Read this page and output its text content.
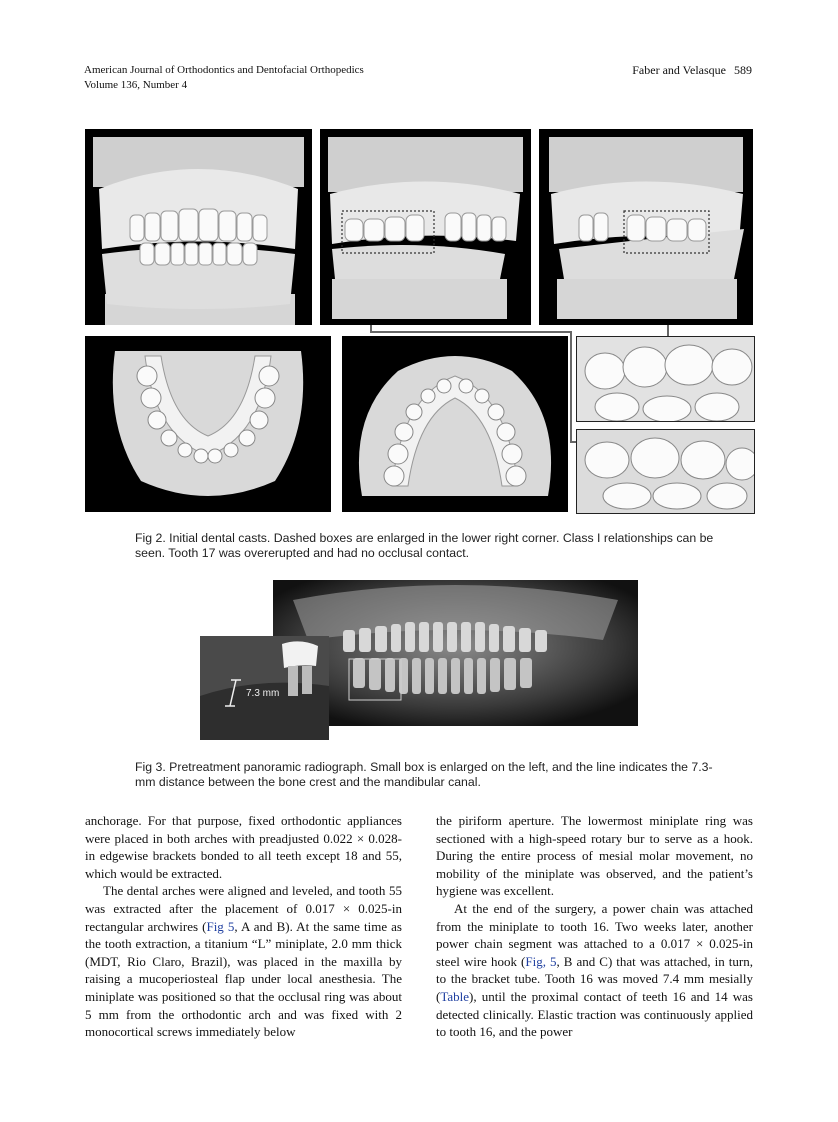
American Journal of Orthodontics and Dentofacial Orthopedics
Volume 136, Number 4
Faber and Velasque 589
Fig 2. Initial dental casts. Dashed boxes are enlarged in the lower right corner. Class I relationships can be seen. Tooth 17 was overerupted and had no occlusal contact.
7.3 mm
Fig 3. Pretreatment panoramic radiograph. Small box is enlarged on the left, and the line indicates the 7.3-mm distance between the bone crest and the mandibular canal.

anchorage. For that purpose, fixed orthodontic appliances were placed in both arches with preadjusted 0.022 × 0.028-in edgewise brackets bonded to all teeth except 18 and 55, which would be extracted.

The dental arches were aligned and leveled, and tooth 55 was extracted after the placement of 0.017 × 0.025-in rectangular archwires (Fig 5, A and B). At the same time as the tooth extraction, a titanium “L” miniplate, 2.0 mm thick (MDT, Rio Claro, Brazil), was placed in the maxilla by raising a mucoperiosteal flap under local anesthesia. The miniplate was positioned so that the occlusal ring was about 5 mm from the orthodontic arch and was fixed with 2 monocortical screws immediately below

the piriform aperture. The lowermost miniplate ring was sectioned with a high-speed rotary bur to serve as a hook. During the entire process of mesial molar movement, no mobility of the miniplate was observed, and the patient’s hygiene was excellent.

At the end of the surgery, a power chain was attached from the miniplate to tooth 16. Two weeks later, another power chain segment was attached to a 0.017 × 0.025-in steel wire hook (Fig, 5, B and C) that was attached, in turn, to the bracket tube. Tooth 16 was moved 7.4 mm mesially (Table), until the proximal contact of teeth 16 and 14 was detected clinically. Elastic traction was continuously applied to tooth 16, and the power
